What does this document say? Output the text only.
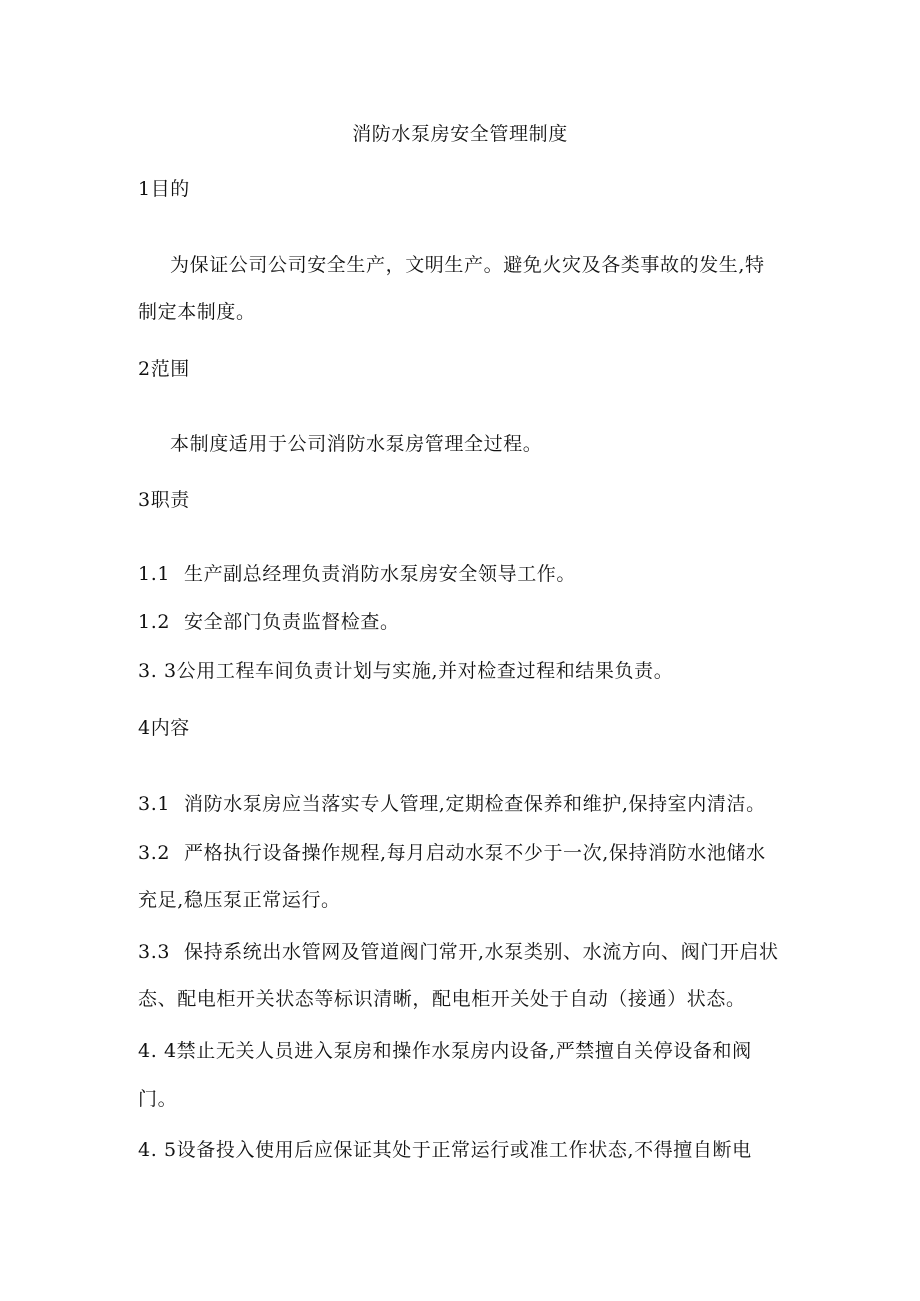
消防水泵房安全管理制度
1目的
为保证公司公司安全生产，文明生产。避免火灾及各类事故的发生,特
制定本制度。
2范围
本制度适用于公司消防水泵房管理全过程。
3职责
1.1 生产副总经理负责消防水泵房安全领导工作。
1.2 安全部门负责监督检查。
3. 3公用工程车间负责计划与实施,并对检查过程和结果负责。
4内容
3.1 消防水泵房应当落实专人管理,定期检查保养和维护,保持室内清洁。
3.2 严格执行设备操作规程,每月启动水泵不少于一次,保持消防水池储水
充足,稳压泵正常运行。
3.3 保持系统出水管网及管道阀门常开,水泵类别、水流方向、阀门开启状
态、配电柜开关状态等标识清晰，配电柜开关处于自动（接通）状态。
4. 4禁止无关人员进入泵房和操作水泵房内设备,严禁擅自关停设备和阀
门。
4. 5设备投入使用后应保证其处于正常运行或准工作状态,不得擅自断电
